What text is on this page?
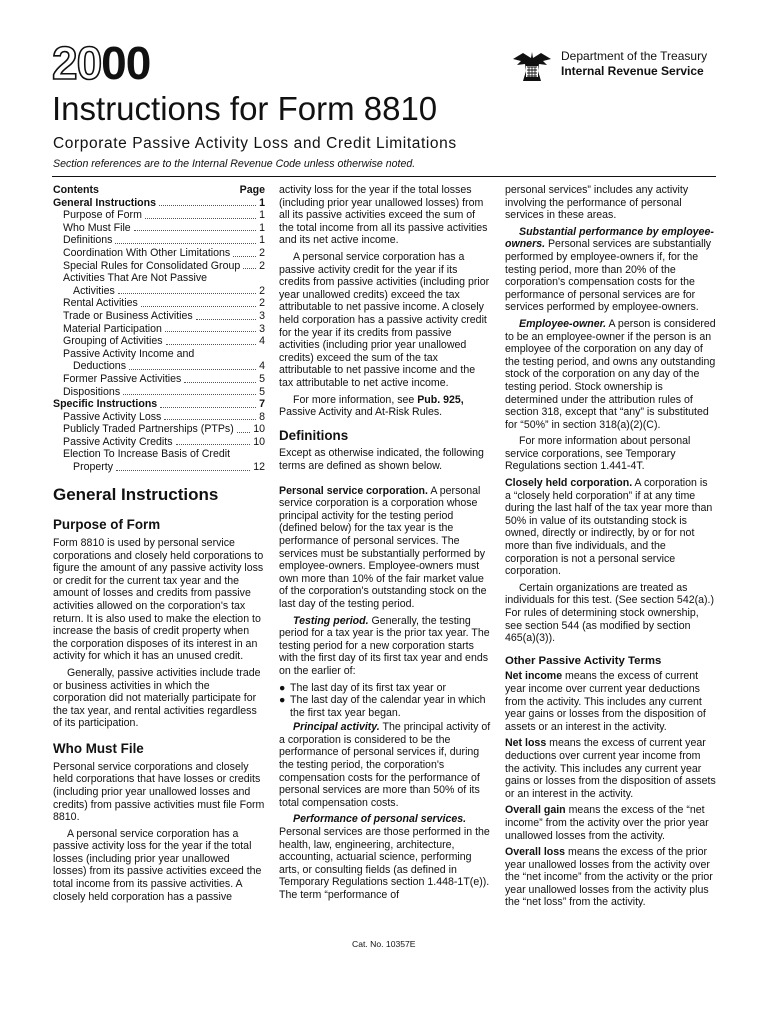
2000	Department of the Treasury
Internal Revenue Service
Instructions for Form 8810
Corporate Passive Activity Loss and Credit Limitations
Section references are to the Internal Revenue Code unless otherwise noted.
Contents	Page
General Instructions	1
Purpose of Form	1
Who Must File	1
Definitions	1
Coordination With Other Limitations	2
Special Rules for Consolidated Group 2
Activities That Are Not Passive
Activities	2
Rental Activities	2
Trade or Business Activities	3
Material Participation	3
Grouping of Activities	4
Passive Activity Income and
Deductions	4
Former Passive Activities	5
Dispositions	5
Specific Instructions	7
Passive Activity Loss	8
Publicly Traded Partnerships (PTPs) 10
Passive Activity Credits	10
Election To Increase Basis of Credit
Property	12
General Instructions
Purpose of Form

Form 8810 is used by personal service corporations and closely held corporations to figure the amount of any passive activity loss or credit for the current tax year and the amount of losses and credits from passive activities allowed on the corporation's tax return. It is also used to make the election to increase the basis of credit property when the corporation disposes of its interest in an activity for which it has an unused credit.

Generally, passive activities include trade or business activities in which the corporation did not materially participate for the tax year, and rental activities regardless of its participation.

Who Must File

Personal service corporations and closely held corporations that have losses or credits (including prior year unallowed losses and credits) from passive activities must file Form 8810.

A personal service corporation has a passive activity loss for the year if the total losses (including prior year unallowed losses) from its passive activities exceed the total income from its passive activities. A closely held corporation has a passive

activity loss for the year if the total losses (including prior year unallowed losses) from all its passive activities exceed the sum of the total income from all its passive activities and its net active income.

A personal service corporation has a passive activity credit for the year if its credits from passive activities (including prior year unallowed credits) exceed the tax attributable to net passive income. A closely held corporation has a passive activity credit for the year if its credits from passive activities (including prior year unallowed credits) exceed the sum of the tax attributable to net passive income and the tax attributable to net active income.

For more information, see Pub. 925, Passive Activity and At-Risk Rules.

Definitions

Except as otherwise indicated, the following terms are defined as shown below.

Personal service corporation. A personal service corporation is a corporation whose principal activity for the testing period (defined below) for the tax year is the performance of personal services. The services must be substantially performed by employee-owners. Employee-owners must own more than 10% of the fair market value of the corporation's outstanding stock on the last day of the testing period.

Testing period. Generally, the testing period for a tax year is the prior tax year. The testing period for a new corporation starts with the first day of its first tax year and ends on the earlier of:

● The last day of its first tax year or
● The last day of the calendar year in which the first tax year began.

Principal activity. The principal activity of a corporation is considered to be the performance of personal services if, during the testing period, the corporation's compensation costs for the performance of personal services are more than 50% of its total compensation costs.

Performance of personal services. Personal services are those performed in the health, law, engineering, architecture, accounting, actuarial science, performing arts, or consulting fields (as defined in Temporary Regulations section 1.448-1T(e)). The term “performance of

personal services” includes any activity involving the performance of personal services in these areas.

Substantial performance by employee-owners. Personal services are substantially performed by employee-owners if, for the testing period, more than 20% of the corporation's compensation costs for the performance of personal services are for services performed by employee-owners.

Employee-owner. A person is considered to be an employee-owner if the person is an employee of the corporation on any day of the testing period, and owns any outstanding stock of the corporation on any day of the testing period. Stock ownership is determined under the attribution rules of section 318, except that “any” is substituted for “50%” in section 318(a)(2)(C).

For more information about personal service corporations, see Temporary Regulations section 1.441-4T.

Closely held corporation. A corporation is a “closely held corporation” if at any time during the last half of the tax year more than 50% in value of its outstanding stock is owned, directly or indirectly, by or for not more than five individuals, and the corporation is not a personal service corporation.

Certain organizations are treated as individuals for this test. (See section 542(a).) For rules of determining stock ownership, see section 544 (as modified by section 465(a)(3)).

Other Passive Activity Terms

Net income means the excess of current year income over current year deductions from the activity. This includes any current year gains or losses from the disposition of assets or an interest in the activity.

Net loss means the excess of current year deductions over current year income from the activity. This includes any current year gains or losses from the disposition of assets or an interest in the activity.

Overall gain means the excess of the “net income” from the activity over the prior year unallowed losses from the activity.

Overall loss means the excess of the prior year unallowed losses from the activity over the “net income” from the activity or the prior year unallowed losses from the activity plus the “net loss” from the activity.

Cat. No. 10357E
